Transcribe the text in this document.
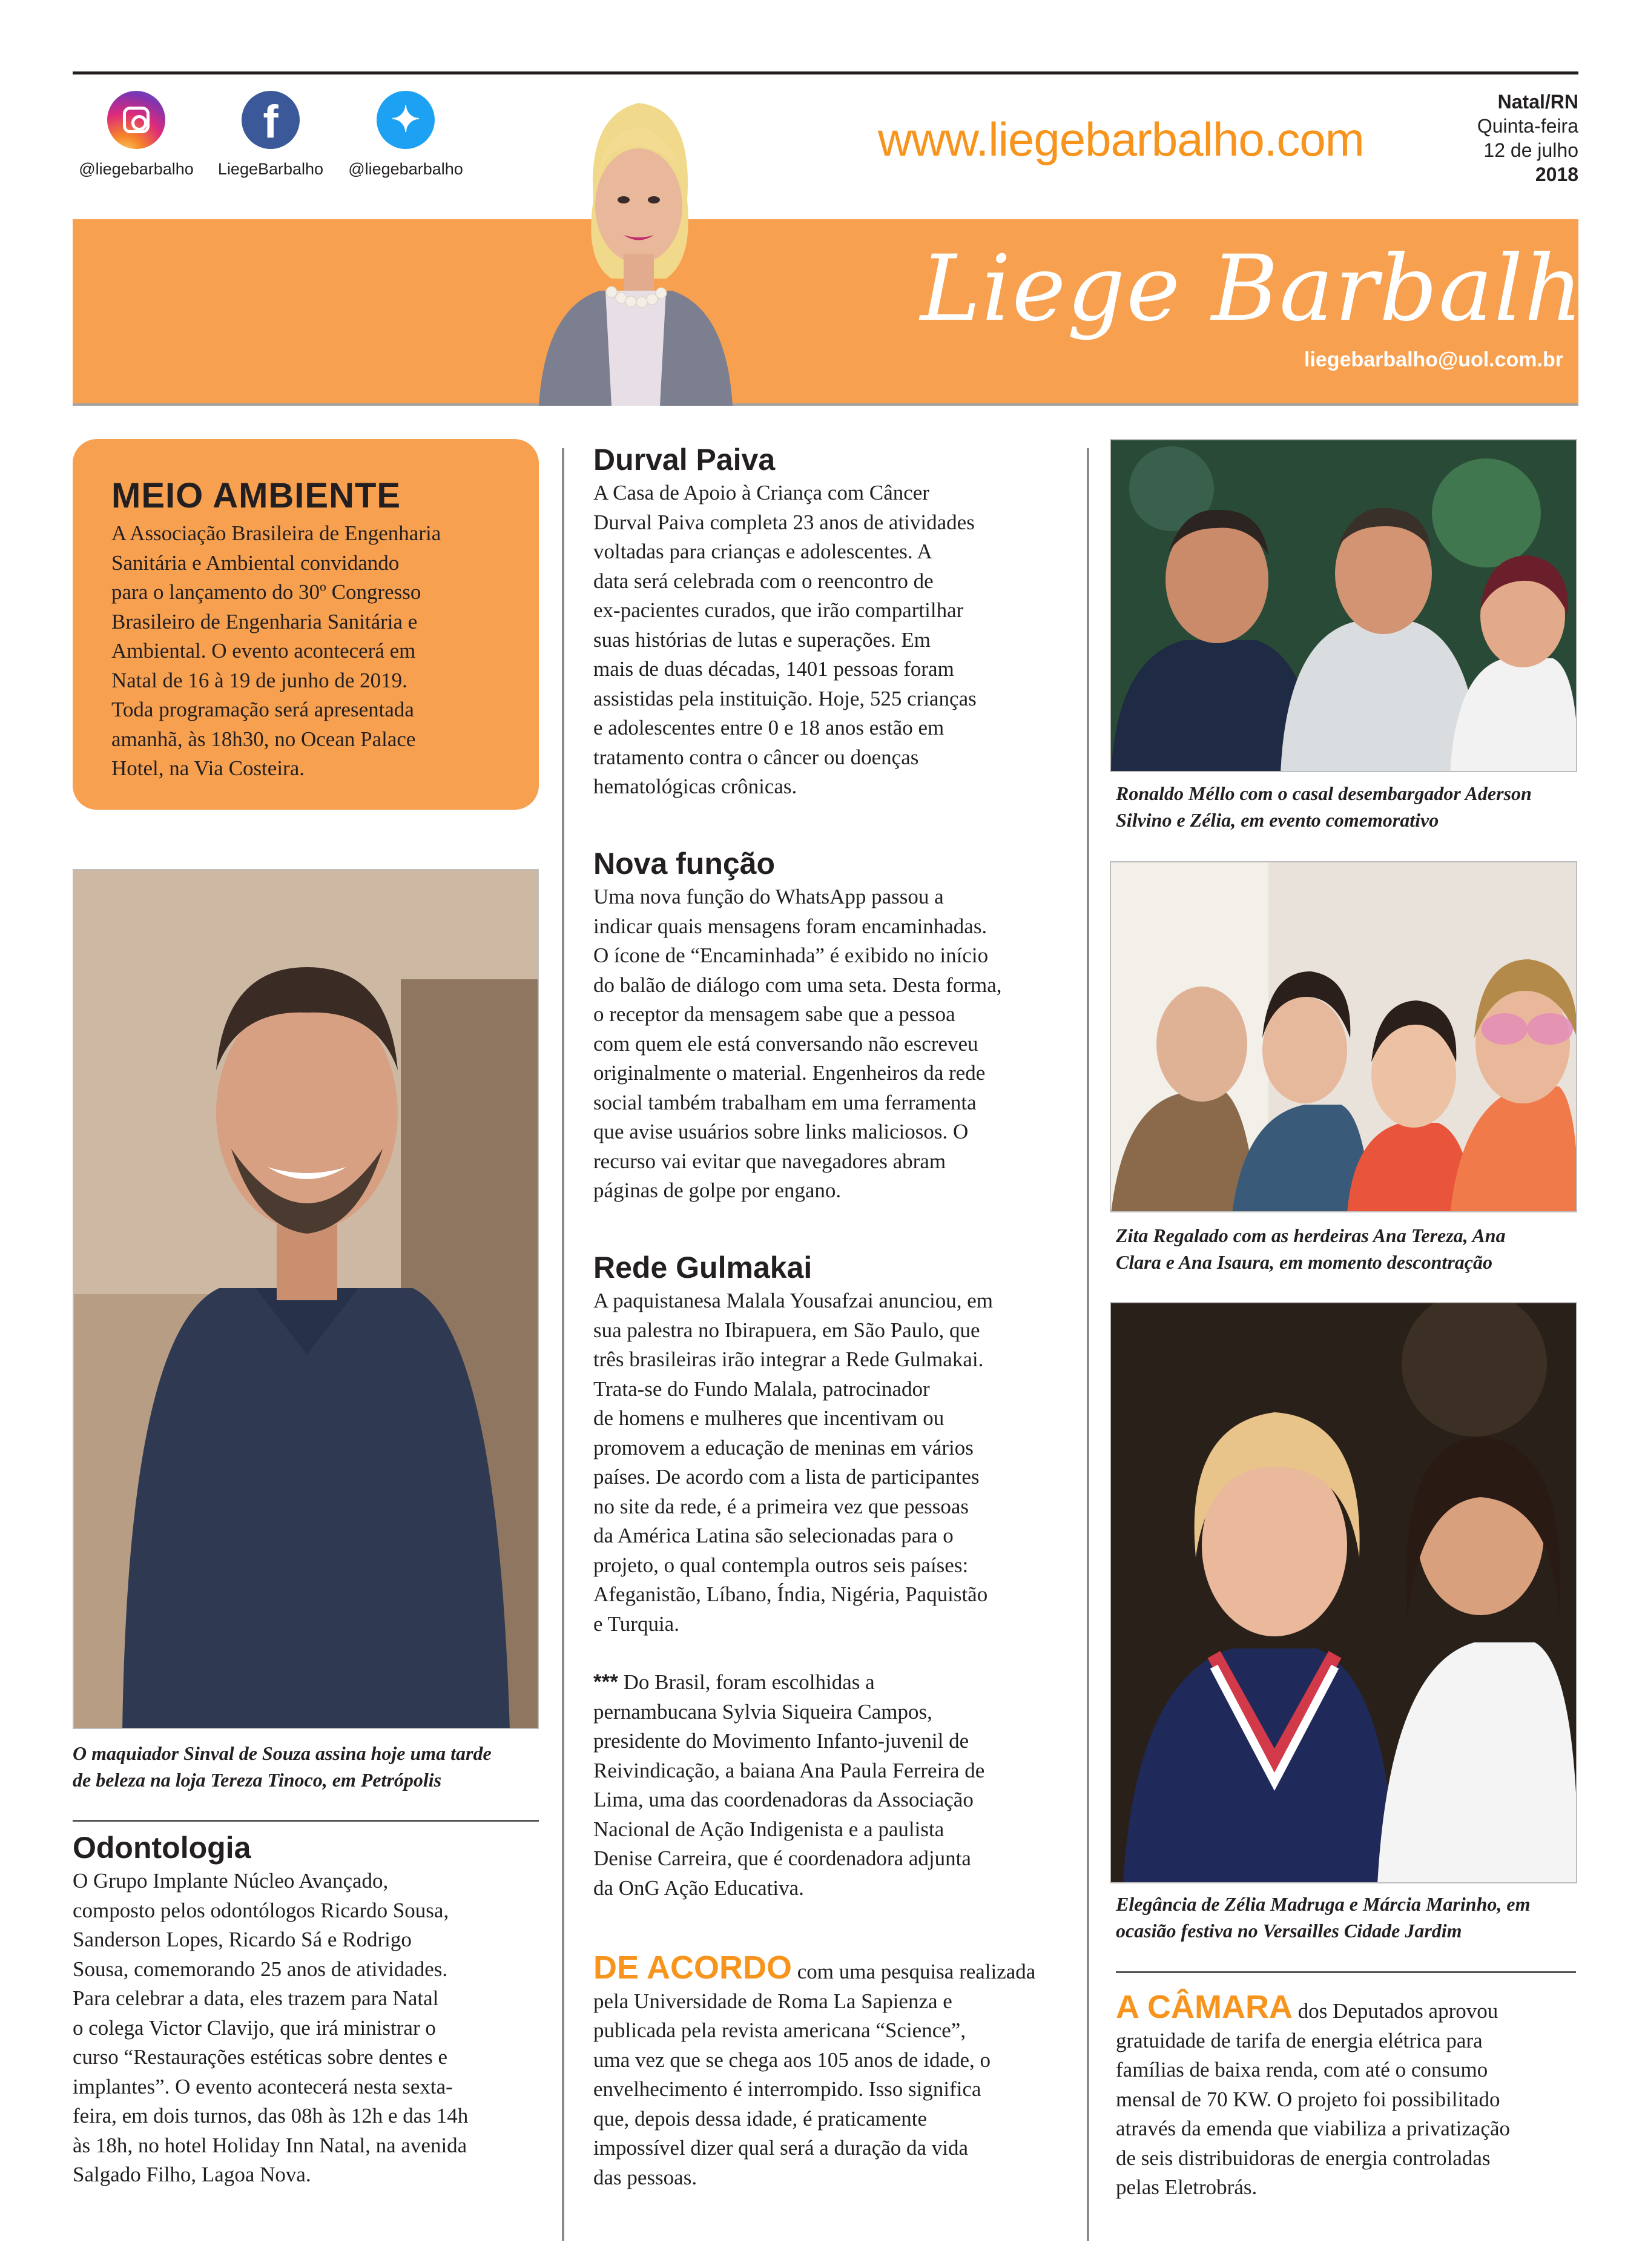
@liegebarbalho
f
LiegeBarbalho
✦
@liegebarbalho
www.liegebarbalho.com
Natal/RN
Quinta-feira
12 de julho
2018
Liege Barbalho
liegebarbalho@uol.com.br
MEIO AMBIENTE
A Associação Brasileira de Engenharia
Sanitária e Ambiental convidando
para o lançamento do 30º Congresso
Brasileiro de Engenharia Sanitária e
Ambiental. O evento acontecerá em
Natal de 16 à 19 de junho de 2019.
Toda programação será apresentada
amanhã, às 18h30, no Ocean Palace
Hotel, na Via Costeira.
O maquiador Sinval de Souza assina hoje uma tarde
de beleza na loja Tereza Tinoco, em Petrópolis
Odontologia
O Grupo Implante Núcleo Avançado,
composto pelos odontólogos Ricardo Sousa,
Sanderson Lopes, Ricardo Sá e Rodrigo
Sousa, comemorando 25 anos de atividades.
Para celebrar a data, eles trazem para Natal
o colega Victor Clavijo, que irá ministrar o
curso “Restaurações estéticas sobre dentes e
implantes”. O evento acontecerá nesta sexta-
feira, em dois turnos, das 08h às 12h e das 14h
às 18h, no hotel Holiday Inn Natal, na avenida
Salgado Filho, Lagoa Nova.
Durval Paiva
A Casa de Apoio à Criança com Câncer
Durval Paiva completa 23 anos de atividades
voltadas para crianças e adolescentes. A
data será celebrada com o reencontro de
ex-pacientes curados, que irão compartilhar
suas histórias de lutas e superações. Em
mais de duas décadas, 1401 pessoas foram
assistidas pela instituição. Hoje, 525 crianças
e adolescentes entre 0 e 18 anos estão em
tratamento contra o câncer ou doenças
hematológicas crônicas.
Nova função
Uma nova função do WhatsApp passou a
indicar quais mensagens foram encaminhadas.
O ícone de “Encaminhada” é exibido no início
do balão de diálogo com uma seta. Desta forma,
o receptor da mensagem sabe que a pessoa
com quem ele está conversando não escreveu
originalmente o material. Engenheiros da rede
social também trabalham em uma ferramenta
que avise usuários sobre links maliciosos. O
recurso vai evitar que navegadores abram
páginas de golpe por engano.
Rede Gulmakai
A paquistanesa Malala Yousafzai anunciou, em
sua palestra no Ibirapuera, em São Paulo, que
três brasileiras irão integrar a Rede Gulmakai.
Trata-se do Fundo Malala, patrocinador
de homens e mulheres que incentivam ou
promovem a educação de meninas em vários
países. De acordo com a lista de participantes
no site da rede, é a primeira vez que pessoas
da América Latina são selecionadas para o
projeto, o qual contempla outros seis países:
Afeganistão, Líbano, Índia, Nigéria, Paquistão
e Turquia.
*** Do Brasil, foram escolhidas a
pernambucana Sylvia Siqueira Campos,
presidente do Movimento Infanto-juvenil de
Reivindicação, a baiana Ana Paula Ferreira de
Lima, uma das coordenadoras da Associação
Nacional de Ação Indigenista e a paulista
Denise Carreira, que é coordenadora adjunta
da OnG Ação Educativa.
DE ACORDO com uma pesquisa realizada
pela Universidade de Roma La Sapienza e
publicada pela revista americana “Science”,
uma vez que se chega aos 105 anos de idade, o
envelhecimento é interrompido. Isso significa
que, depois dessa idade, é praticamente
impossível dizer qual será a duração da vida
das pessoas.
Ronaldo Méllo com o casal desembargador Aderson
Silvino e Zélia, em evento comemorativo
Zita Regalado com as herdeiras Ana Tereza, Ana
Clara e Ana Isaura, em momento descontração
Elegância de Zélia Madruga e Márcia Marinho, em
ocasião festiva no Versailles Cidade Jardim
A CÂMARA dos Deputados aprovou
gratuidade de tarifa de energia elétrica para
famílias de baixa renda, com até o consumo
mensal de 70 KW. O projeto foi possibilitado
através da emenda que viabiliza a privatização
de seis distribuidoras de energia controladas
pelas Eletrobrás.
